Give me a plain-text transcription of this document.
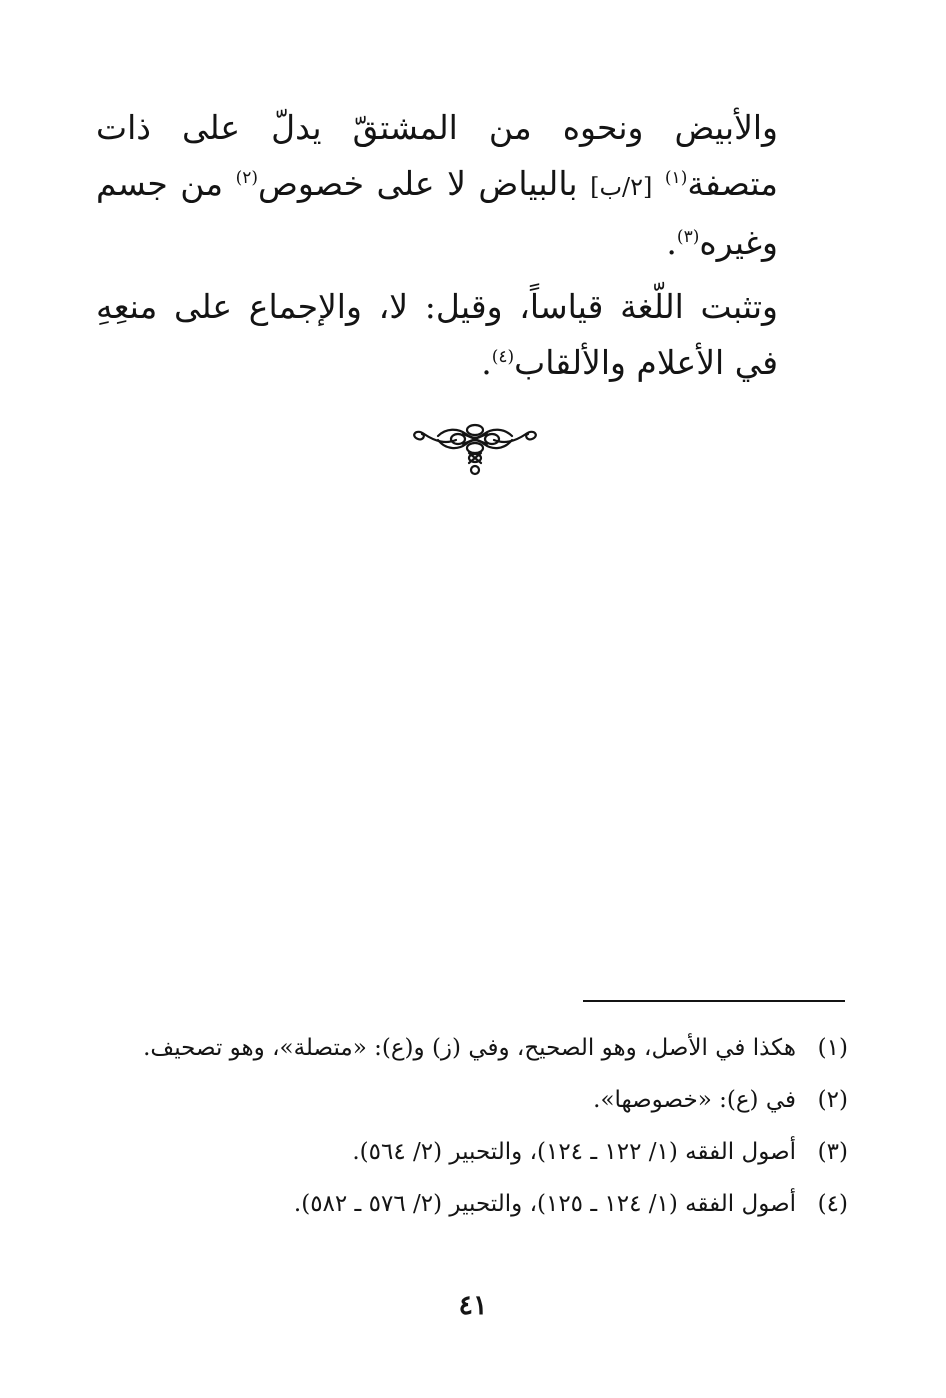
والأبيض ونحوه من المشتقّ يدلّ على ذات متصفة$^{(١)}$ [٢/ب] بالبياض لا على خصوص$^{(٢)}$ من جسم وغيره$^{(٣)}$.

وتثبت اللّغة قياساً، وقيل: لا، والإجماع على منعِهِ في الأعلام والألقاب$^{(٤)}$.

(١)
هكذا في الأصل، وهو الصحيح، وفي (ز) و(ع): «متصلة»، وهو تصحيف.
(٢)
في (ع): «خصوصها».
(٣)
أصول الفقه (١/ ١٢٢ ـ ١٢٤)، والتحبير (٢/ ٥٦٤).
(٤)
أصول الفقه (١/ ١٢٤ ـ ١٢٥)، والتحبير (٢/ ٥٧٦ ـ ٥٨٢).
٤١
